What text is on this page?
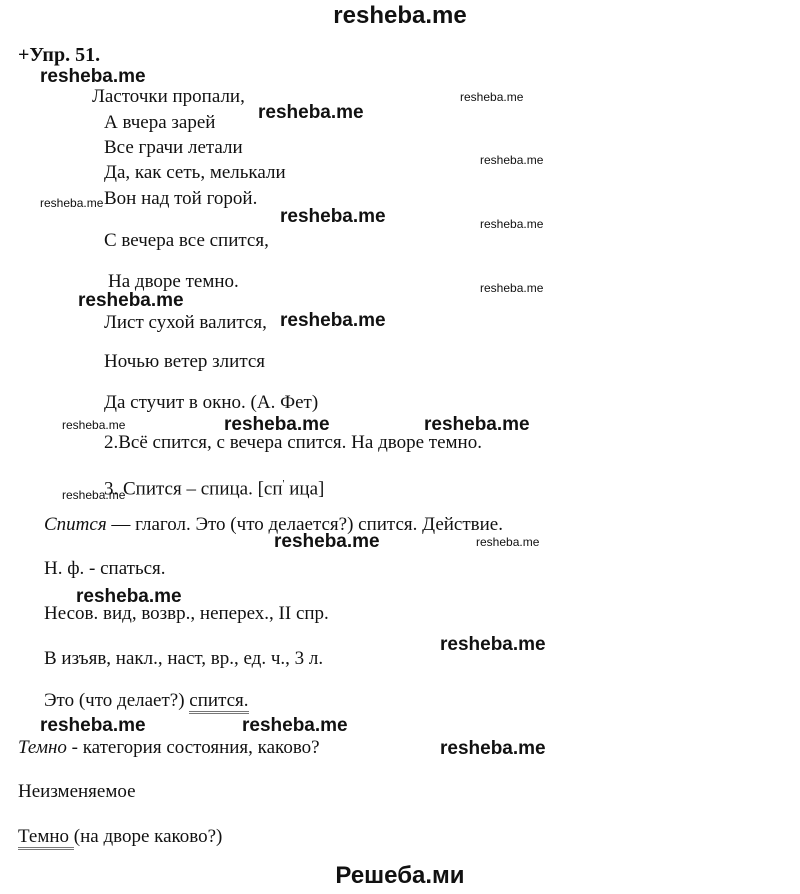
resheba.me
Решеба.ми
+Упр. 51.
Ласточки пропали,
А вчера зарей
Все грачи летали
Да, как сеть, мелькали
Вон над той горой.
С вечера все спится,
На дворе темно.
Лист сухой валится,
Ночью ветер злится
Да стучит в окно. (А. Фет)
2.Всё спится, с вечера спится. На дворе темно.
3. Спится – спица. [сп' ица]
Спится — глагол. Это (что делается?) спится. Действие.
Н. ф. - спаться.
Несов. вид, возвр., неперех., II спр.
В изъяв, накл., наст, вр., ед. ч., 3 л.
Это (что делает?) спится.
Темно - категория состояния, каково?
Неизменяемое
Темно (на дворе каково?)
resheba.me
resheba.me
resheba.me
resheba.me
resheba.me
resheba.me	resheba.me
resheba.me
resheba.me
resheba.me
resheba.me	resheba.me
resheba.me
resheba.me
resheba.me
resheba.me
resheba.me
resheba.me
resheba.me
resheba.me
resheba.me
